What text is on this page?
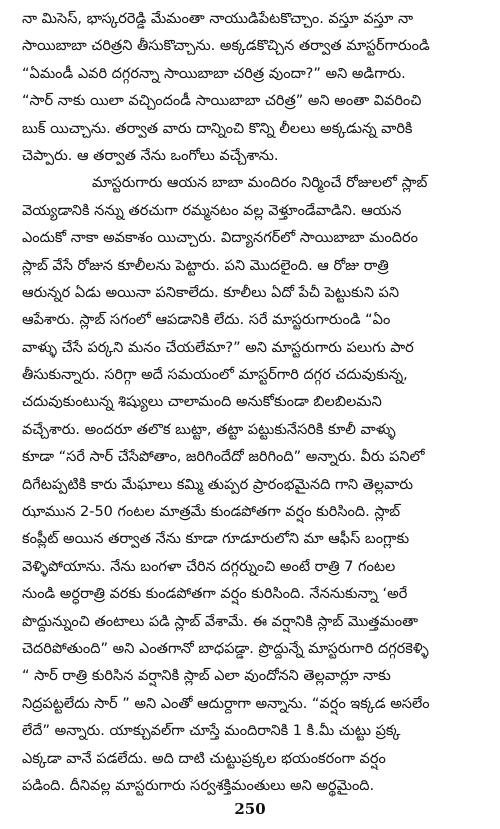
నా మిసెస్, భాస్కరరెడ్డి మేమంతా నాయుడిపేటకొచ్చాం. వస్తూ వస్తూ నా
సాయిబాబా చరిత్రని తీసుకొచ్చాను. అక్కడకొచ్చిన తర్వాత మాస్టర్‌గారుండి
“ఏమండీ ఎవరి దగ్గరన్నా సాయిబాబా చరిత్ర వుందా?” అని అడిగారు.
“సార్ నాకు యిలా వచ్చిందండీ సాయిబాబా చరిత్ర” అని అంతా వివరించి
బుక్ యిచ్చాను. తర్వాత వారు దాన్నించి కొన్ని లీలలు అక్కడున్న వారికి
చెప్పారు. ఆ తర్వాత నేను ఒంగోలు వచ్చేశాను.
మాస్టరుగారు ఆయన బాబా మందిరం నిర్మించే రోజులలో స్లాబ్
వెయ్యడానికి నన్ను తరచుగా రమ్మనటం వల్ల వెళ్తూండేవాడిని. ఆయన
ఎందుకో నాకా అవకాశం యిచ్చారు. విద్యానగర్‌లో సాయిబాబా మందిరం
స్లాబ్ వేసే రోజున కూలీలను పెట్టారు. పని మొదలైంది. ఆ రోజు రాత్రి
ఆరున్నర ఏడు అయినా పనికాలేదు. కూలీలు ఏదో పేచీ పెట్టుకుని పని
ఆపేశారు. స్లాబ్ సగంలో ఆపడానికి లేదు. సరే మాస్టరుగారుండి “ఏం
వాళ్ళు చేసే పర్కని మనం చేయలేమా?” అని మాస్టరుగారు పలుగు పార
తీసుకున్నారు. సరిగ్గా అదే సమయంలో మాస్టర్‌గారి దగ్గర చదువుకున్న,
చదువుకుంటున్న శిష్యులు చాలామంది అనుకోకుండా బిలబిలమని
వచ్చేశారు. అందరూ తలొక బుట్టా, తట్టా పట్టుకునేసరికి కూలీ వాళ్ళు
కూడా “సరే సార్ చేసేపోతాం, జరిగిందేదో జరిగింది” అన్నారు. వీరు పనిలో
దిగేటప్పటికి కారు మేఘాలు కమ్మి తుప్పర ప్రారంభమైనది గాని తెల్లవారు
ఝామున 2-50 గంటల మాత్రమే కుండపోతగా వర్షం కురిసింది. స్లాబ్
కంప్లీట్ అయిన తర్వాత నేను కూడా గూడూరులోని మా ఆఫీస్ బంగ్లాకు
వెళ్ళిపోయాను. నేను బంగళా చేరిన దగ్గర్నుంచి అంటే రాత్రి 7 గంటల
నుండి అర్ధరాత్రి వరకు కుండపోతగా వర్షం కురిసింది. నేననుకున్నా ‘అరే
పొద్దున్నుంచి తంటాలు పడి స్లాబ్ వేశామే. ఈ వర్షానికి స్లాబ్ మొత్తమంతా
చెదరిపోతుంది” అని ఎంతగానో బాధపడ్డా. ప్రొద్దున్నే మాస్టరుగారి దగ్గరకెళ్ళి
“ సార్ రాత్రి కురిసిన వర్షానికి స్లాబ్ ఎలా వుందోనని తెల్లవార్లూ నాకు
నిద్రపట్టలేదు సార్ ” అని ఎంతో ఆదుర్దాగా అన్నాను. “వర్షం ఇక్కడ అసలేం
లేదే” అన్నారు. యాక్చువల్‌గా చూస్తే మందిరానికి 1 కి.మీ చుట్టు ప్రక్క
ఎక్కడా వానే పడలేదు. అది దాటి చుట్టుప్రక్కల భయంకరంగా వర్షం
పడింది. దీనివల్ల మాస్టరుగారు సర్వశక్తిమంతులు అని అర్థమైంది.
250
